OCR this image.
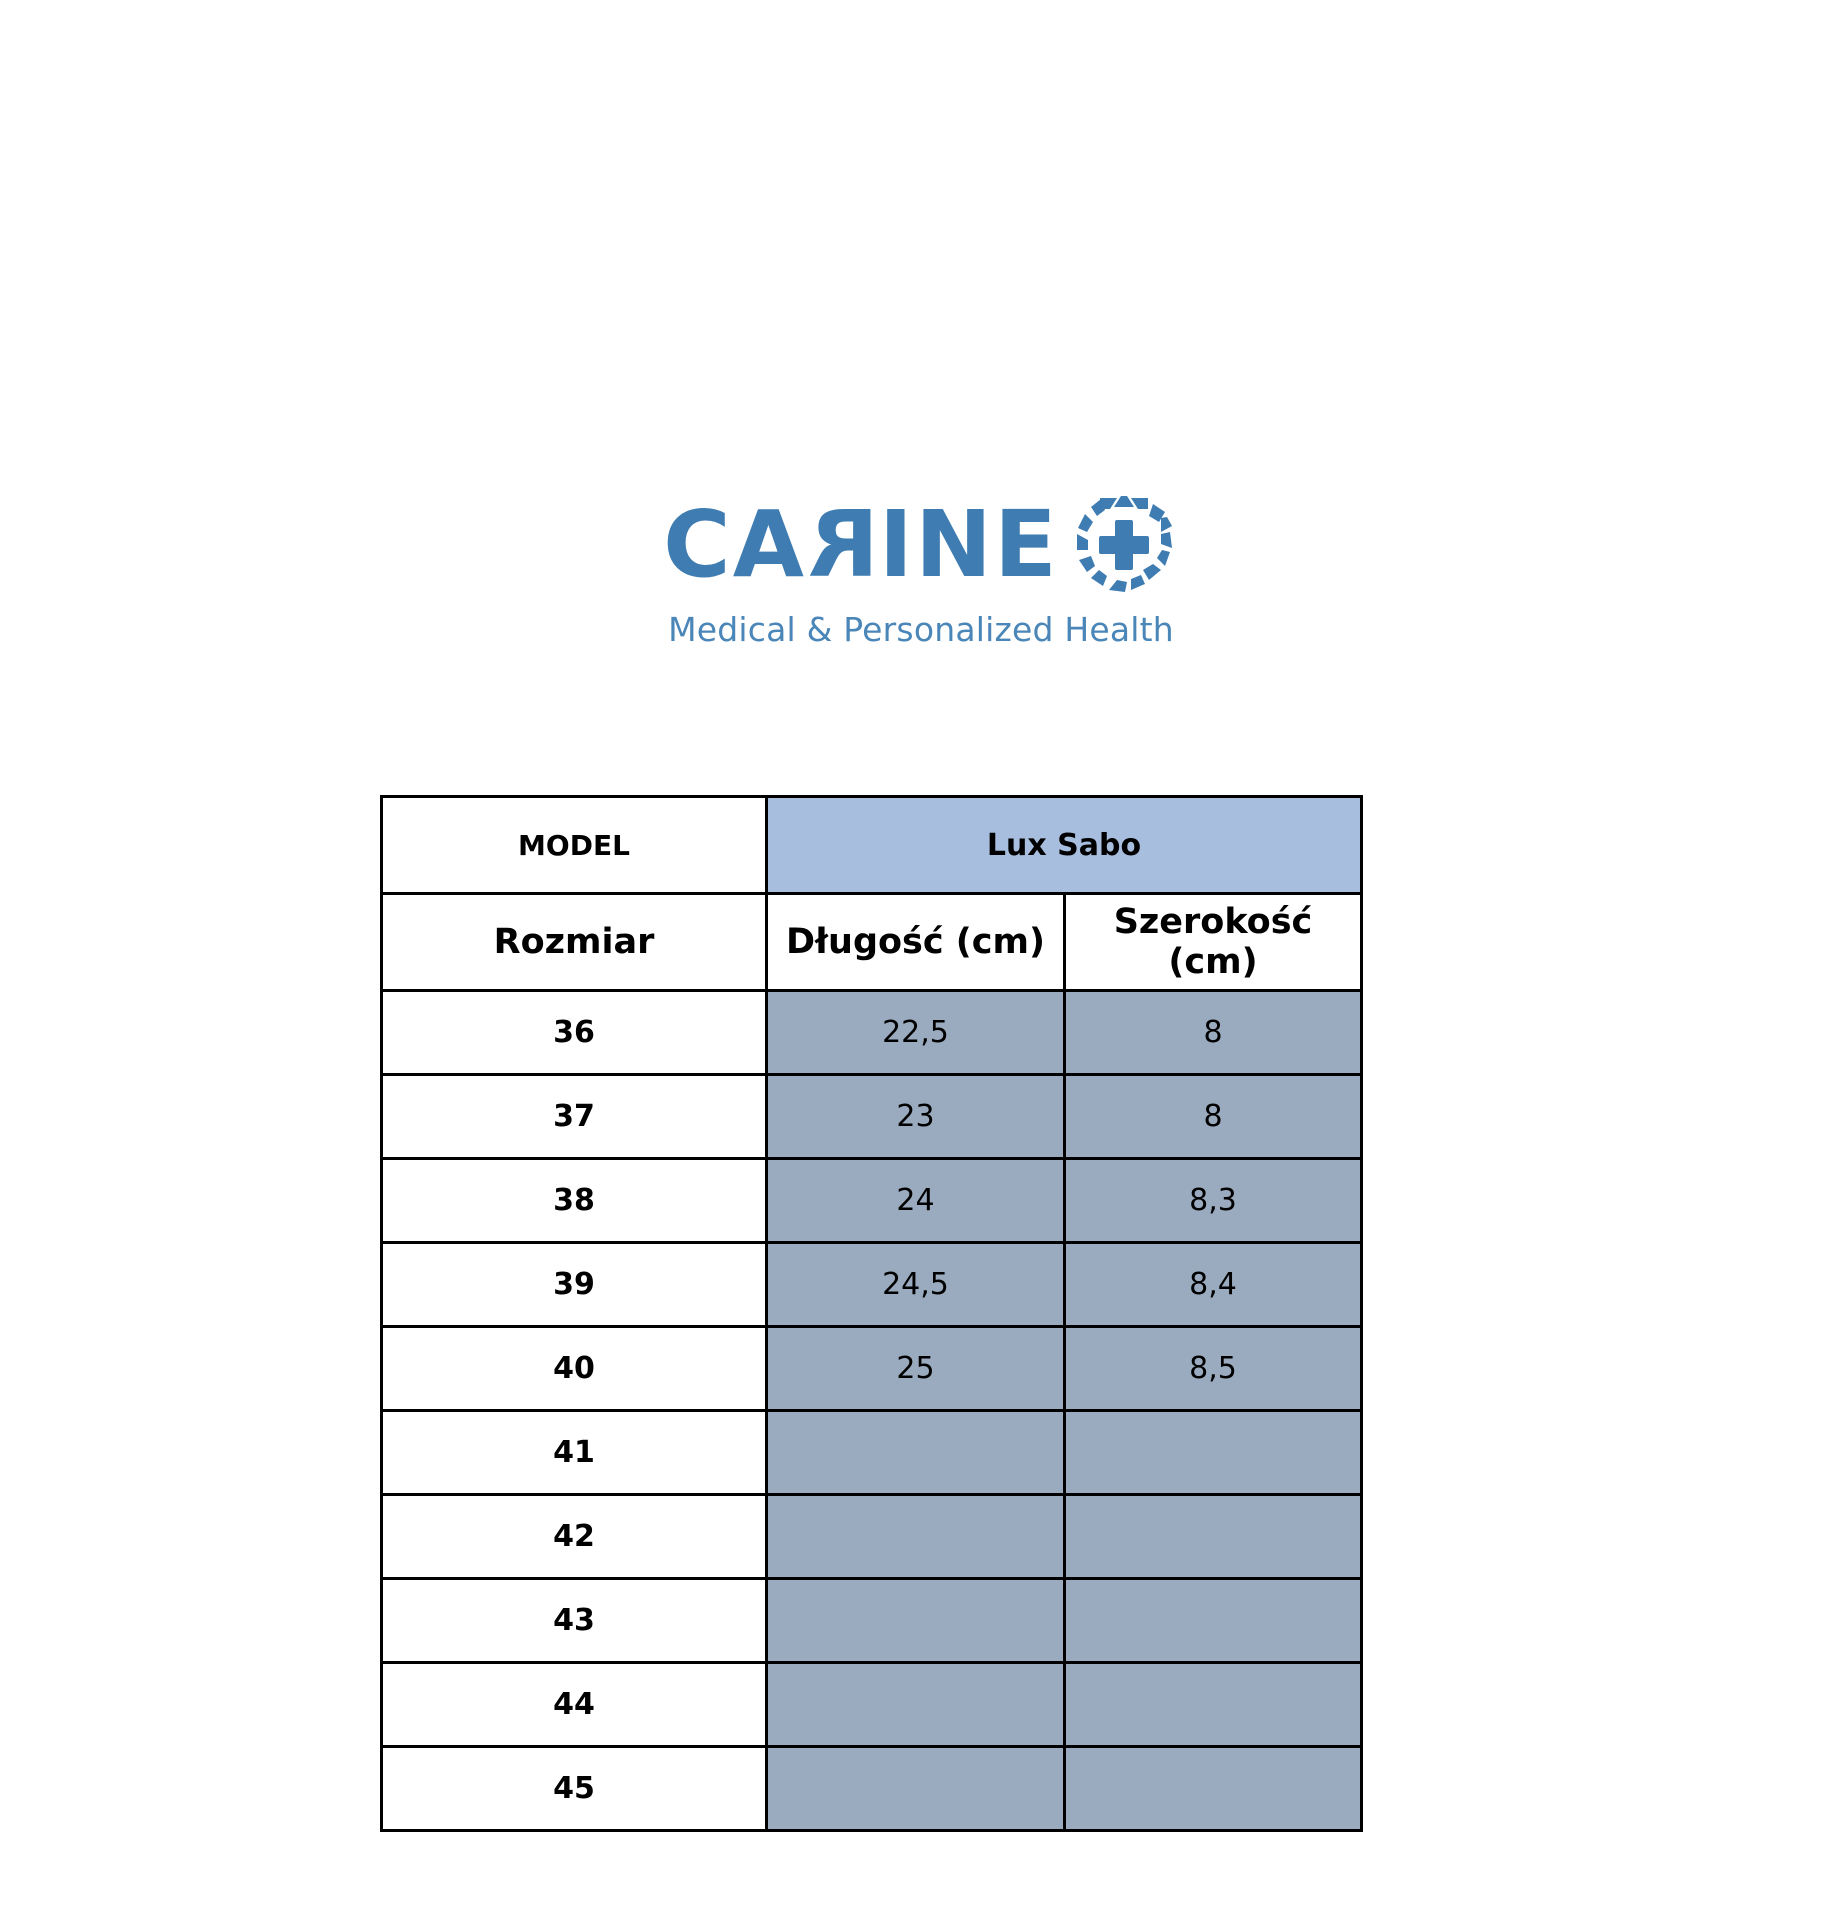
CARINE
Medical & Personalized Health
MODEL	Lux Sabo	
Rozmiar	Długość (cm)	Szerokość (cm)
36	22,5	8
37	23	8
38	24	8,3
39	24,5	8,4
40	25	8,5
41		
42		
43		
44		
45		
